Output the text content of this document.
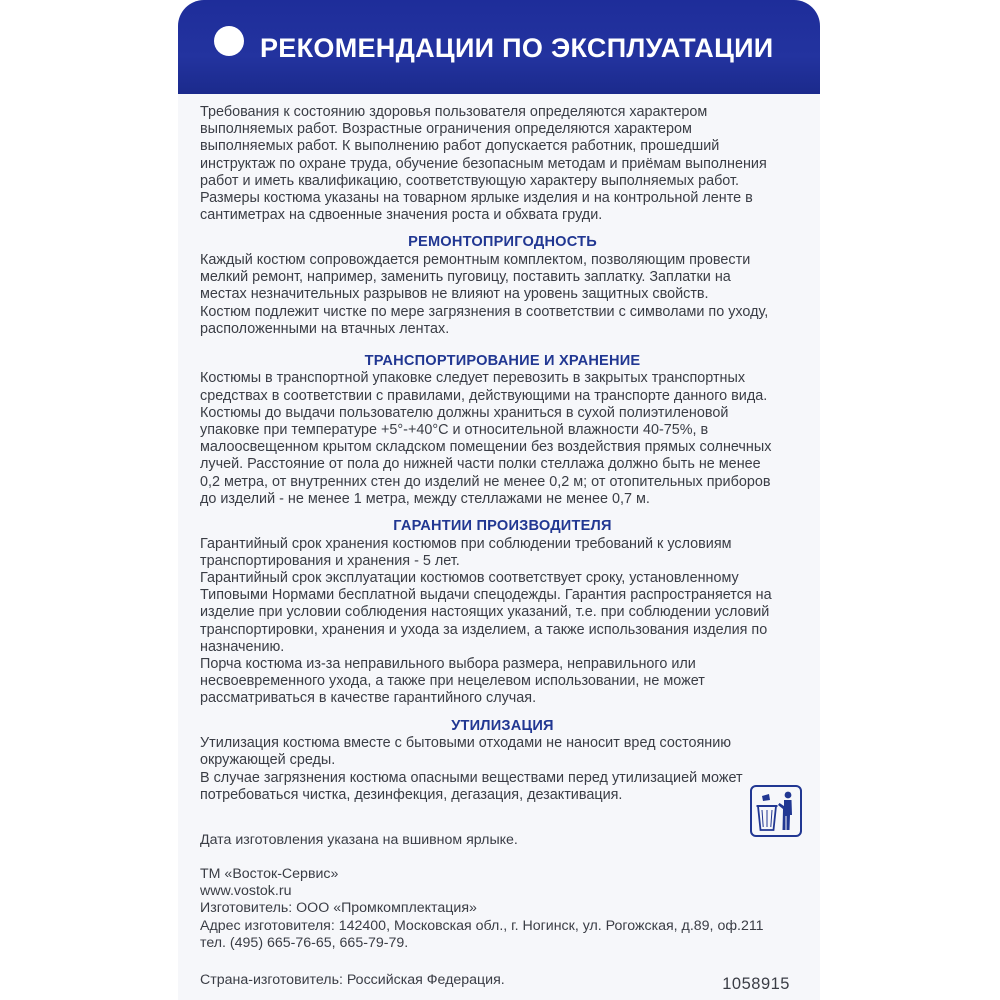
РЕКОМЕНДАЦИИ ПО ЭКСПЛУАТАЦИИ

Требования к состоянию здоровья пользователя определяются характером

выполняемых работ. Возрастные ограничения определяются характером

выполняемых работ. К выполнению работ допускается работник, прошедший

инструктаж по охране труда, обучение безопасным методам и приёмам выполнения

работ и иметь квалификацию, соответствующую характеру выполняемых работ.

Размеры костюма указаны на товарном ярлыке изделия и на контрольной ленте в

сантиметрах на сдвоенные значения роста и обхвата груди.

РЕМОНТОПРИГОДНОСТЬ

Каждый костюм сопровождается ремонтным комплектом, позволяющим провести

мелкий ремонт, например, заменить пуговицу, поставить заплатку. Заплатки на

местах незначительных разрывов не влияют на уровень защитных свойств.

Костюм подлежит чистке по мере загрязнения в соответствии с символами по уходу,

расположенными на втачных лентах.

ТРАНСПОРТИРОВАНИЕ И ХРАНЕНИЕ

Костюмы в транспортной упаковке следует перевозить в закрытых транспортных

средствах в соответствии с правилами, действующими на транспорте данного вида.

Костюмы до выдачи пользователю должны храниться в сухой полиэтиленовой

упаковке при температуре +5°-+40°С и относительной влажности 40-75%, в

малоосвещенном крытом складском помещении без воздействия прямых солнечных

лучей. Расстояние от пола до нижней части полки стеллажа должно быть не менее

0,2 метра, от внутренних стен до изделий не менее 0,2 м; от отопительных приборов

до изделий - не менее 1 метра, между стеллажами не менее 0,7 м.

ГАРАНТИИ ПРОИЗВОДИТЕЛЯ

Гарантийный срок хранения костюмов при соблюдении требований к условиям

транспортирования и хранения - 5 лет.

Гарантийный срок эксплуатации костюмов соответствует сроку, установленному

Типовыми Нормами бесплатной выдачи спецодежды. Гарантия распространяется на

изделие при условии соблюдения настоящих указаний, т.е. при соблюдении условий

транспортировки, хранения и ухода за изделием, а также использования изделия по

назначению.

Порча костюма из-за неправильного выбора размера, неправильного или

несвоевременного ухода, а также при нецелевом использовании, не может

рассматриваться в качестве гарантийного случая.

УТИЛИЗАЦИЯ

Утилизация костюма вместе с бытовыми отходами не наносит вред состоянию

окружающей среды.

В случае загрязнения костюма опасными веществами перед утилизацией может

потребоваться чистка, дезинфекция, дегазация, дезактивация.

Дата изготовления указана на вшивном ярлыке.
ТМ «Восток-Сервис»
www.vostok.ru
Изготовитель: ООО «Промкомплектация»
Адрес изготовителя: 142400, Московская обл., г. Ногинск, ул. Рогожская, д.89, оф.211
тел. (495) 665-76-65, 665-79-79.
Страна-изготовитель: Российская Федерация.	1058915
